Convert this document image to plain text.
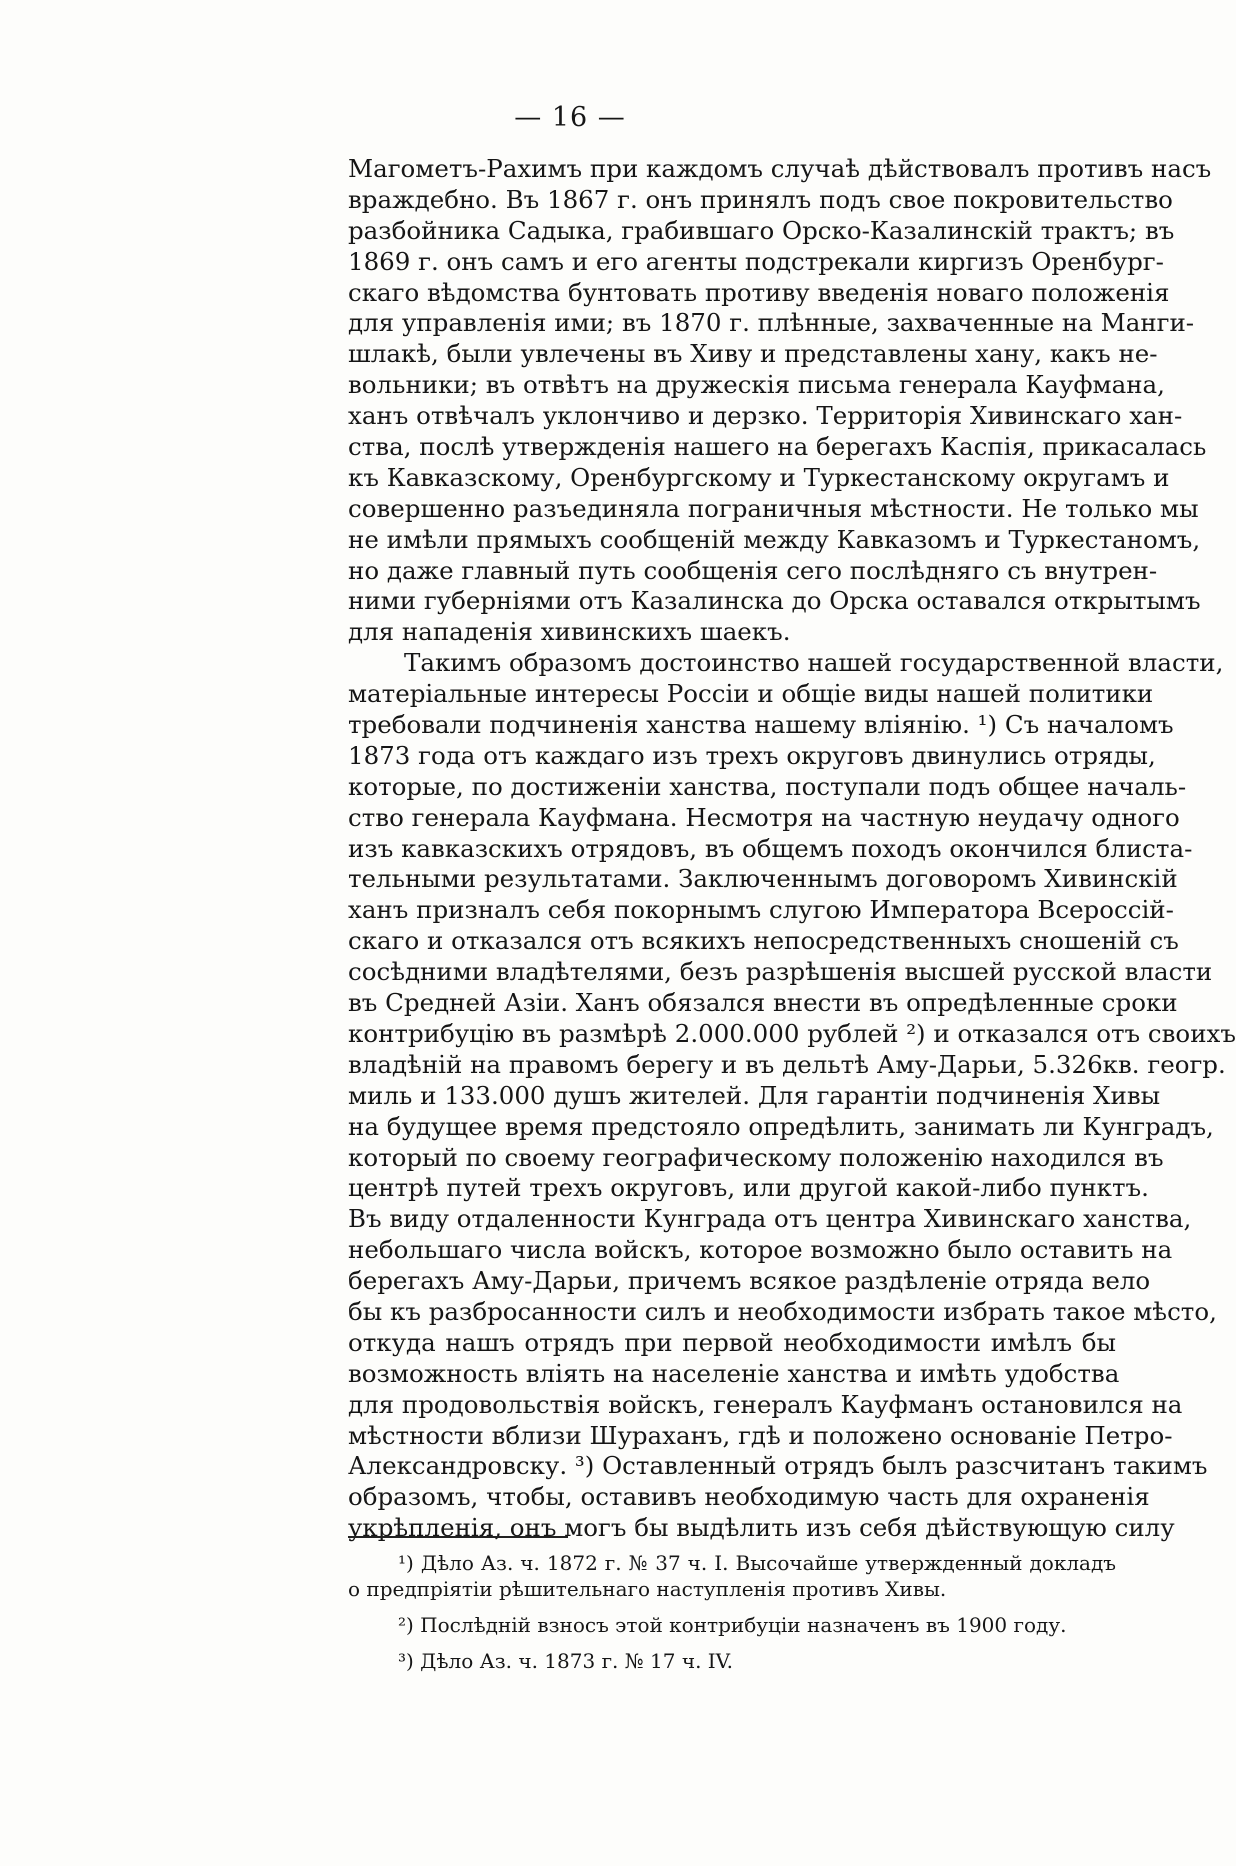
— 16 —
Магометъ-Рахимъ при каждомъ случаѣ дѣйствовалъ противъ насъ
враждебно. Въ 1867 г. онъ принялъ подъ свое покровительство
разбойника Садыка, грабившаго Орско-Казалинскій трактъ; въ
1869 г. онъ самъ и его агенты подстрекали киргизъ Оренбург-
скаго вѣдомства бунтовать противу введенія новаго положенія
для управленія ими; въ 1870 г. плѣнные, захваченные на Манги-
шлакѣ, были увлечены въ Хиву и представлены хану, какъ не-
вольники; въ отвѣтъ на дружескія письма генерала Кауфмана,
ханъ отвѣчалъ уклончиво и дерзко. Территорія Хивинскаго хан-
ства, послѣ утвержденія нашего на берегахъ Каспія, прикасалась
къ Кавказскому, Оренбургскому и Туркестанскому округамъ и
совершенно разъединяла пограничныя мѣстности. Не только мы
не имѣли прямыхъ сообщеній между Кавказомъ и Туркестаномъ,
но даже главный путь сообщенія сего послѣдняго съ внутрен-
ними губерніями отъ Казалинска до Орска оставался открытымъ
для нападенія хивинскихъ шаекъ.
Такимъ образомъ достоинство нашей государственной власти,
матеріальные интересы Россіи и общіе виды нашей политики
требовали подчиненія ханства нашему вліянію. ¹) Съ началомъ
1873 года отъ каждаго изъ трехъ округовъ двинулись отряды,
которые, по достиженіи ханства, поступали подъ общее началь-
ство генерала Кауфмана. Несмотря на частную неудачу одного
изъ кавказскихъ отрядовъ, въ общемъ походъ окончился блиста-
тельными результатами. Заключеннымъ договоромъ Хивинскій
ханъ призналъ себя покорнымъ слугою Императора Всероссій-
скаго и отказался отъ всякихъ непосредственныхъ сношеній съ
сосѣдними владѣтелями, безъ разрѣшенія высшей русской власти
въ Средней Азіи. Ханъ обязался внести въ опредѣленные сроки
контрибуцію въ размѣрѣ 2.000.000 рублей ²) и отказался отъ своихъ
владѣній на правомъ берегу и въ дельтѣ Аму-Дарьи, 5.326кв. геогр.
миль и 133.000 душъ жителей. Для гарантіи подчиненія Хивы
на будущее время предстояло опредѣлить, занимать ли Кунградъ,
который по своему географическому положенію находился въ
центрѣ путей трехъ округовъ, или другой какой-либо пунктъ.
Въ виду отдаленности Кунграда отъ центра Хивинскаго ханства,
небольшаго числа войскъ, которое возможно было оставить на
берегахъ Аму-Дарьи, причемъ всякое раздѣленіе отряда вело
бы къ разбросанности силъ и необходимости избрать такое мѣсто,
откуда нашъ отрядъ при первой необходимости имѣлъ бы
возможность вліять на населеніе ханства и имѣть удобства
для продовольствія войскъ, генералъ Кауфманъ остановился на
мѣстности вблизи Шураханъ, гдѣ и положено основаніе Петро-
Александровску. ³) Оставленный отрядъ былъ разсчитанъ такимъ
образомъ, чтобы, оставивъ необходимую часть для охраненія
укрѣпленія, онъ могъ бы выдѣлить изъ себя дѣйствующую силу
¹) Дѣло Аз. ч. 1872 г. № 37 ч. I. Высочайше утвержденный докладъ
о предпріятіи рѣшительнаго наступленія противъ Хивы.
²) Послѣдній взносъ этой контрибуціи назначенъ въ 1900 году.
³) Дѣло Аз. ч. 1873 г. № 17 ч. IV.
